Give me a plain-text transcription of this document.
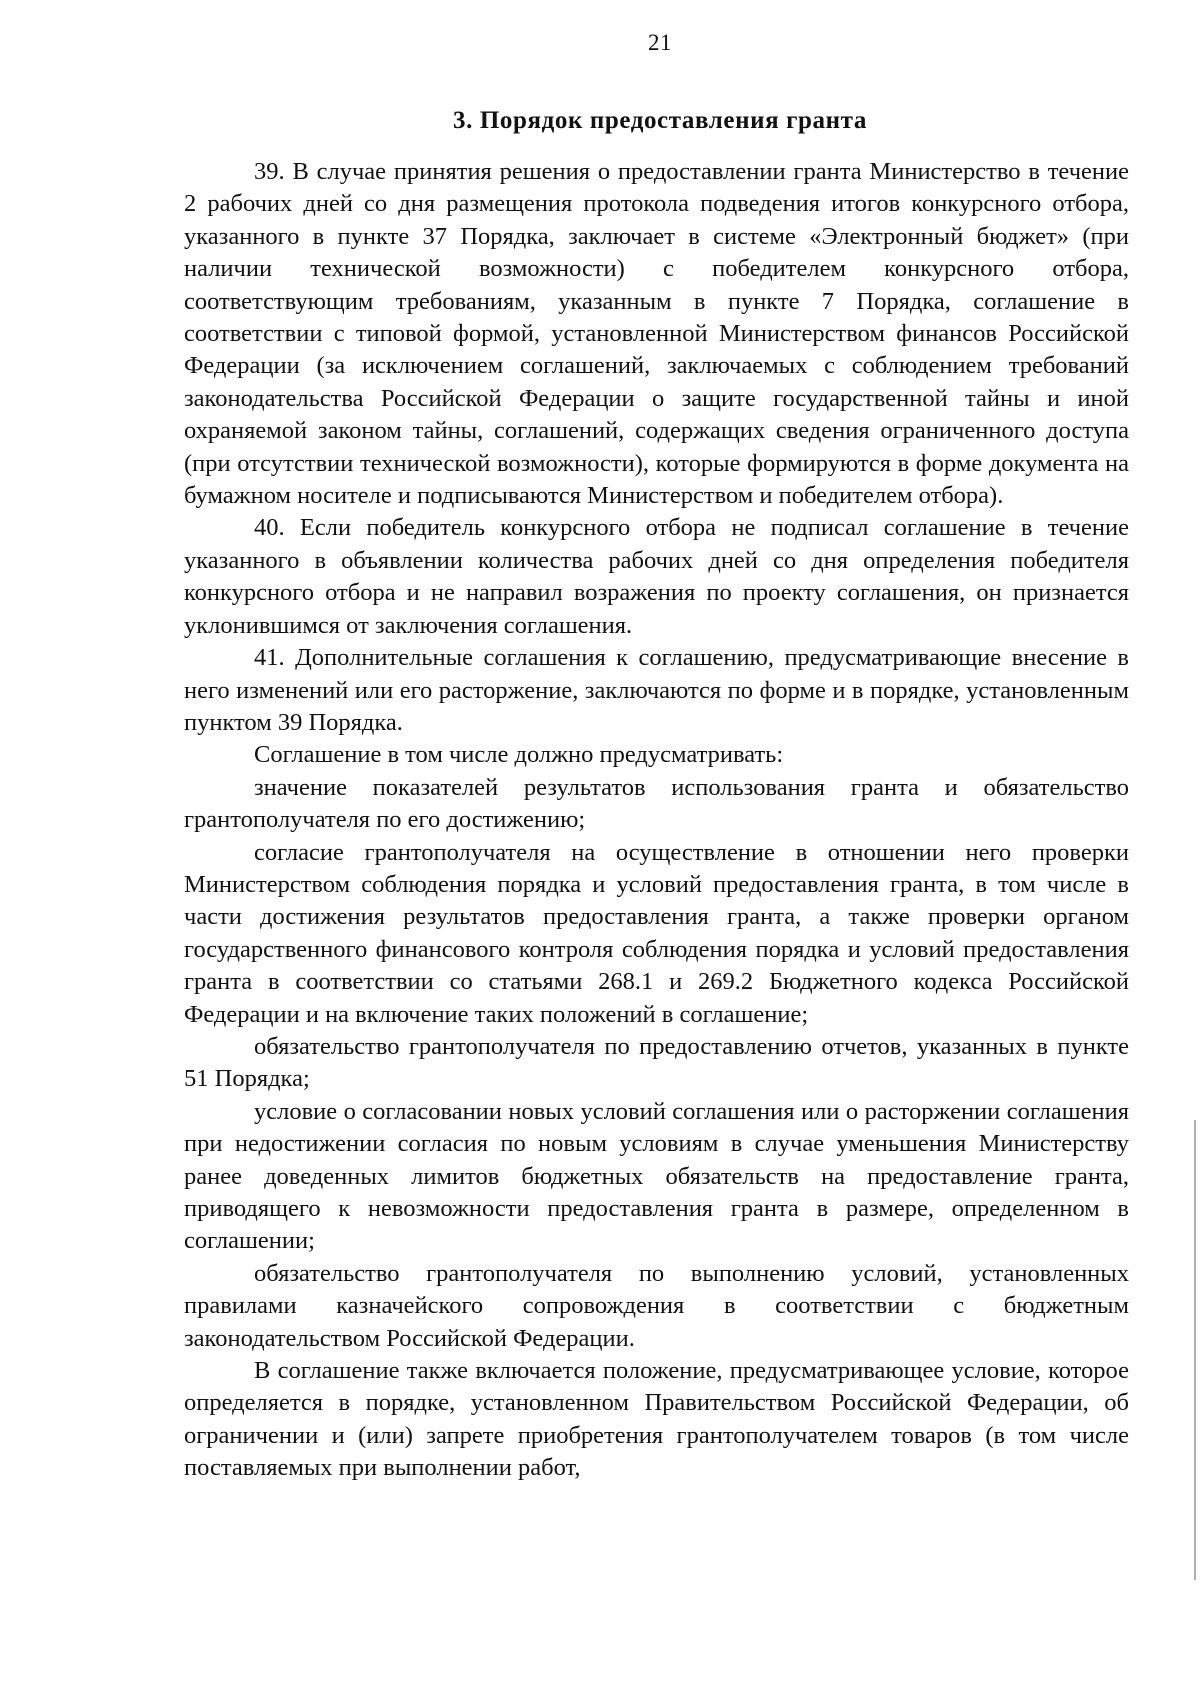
21
3. Порядок предоставления гранта

39. В случае принятия решения о предоставлении гранта Министерство в течение 2 рабочих дней со дня размещения протокола подведения итогов конкурсного отбора, указанного в пункте 37 Порядка, заключает в системе «Электронный бюджет» (при наличии технической возможности) с победителем конкурсного отбора, соответствующим требованиям, указанным в пункте 7 Порядка, соглашение в соответствии с типовой формой, установленной Министерством финансов Российской Федерации (за исключением соглашений, заключаемых с соблюдением требований законодательства Российской Федерации о защите государственной тайны и иной охраняемой законом тайны, соглашений, содержащих сведения ограниченного доступа (при отсутствии технической возможности), которые формируются в форме документа на бумажном носителе и подписываются Министерством и победителем отбора).

40. Если победитель конкурсного отбора не подписал соглашение в течение указанного в объявлении количества рабочих дней со дня определения победителя конкурсного отбора и не направил возражения по проекту соглашения, он признается уклонившимся от заключения соглашения.

41. Дополнительные соглашения к соглашению, предусматривающие внесение в него изменений или его расторжение, заключаются по форме и в порядке, установленным пунктом 39 Порядка.

Соглашение в том числе должно предусматривать:

значение показателей результатов использования гранта и обязательство грантополучателя по его достижению;

согласие грантополучателя на осуществление в отношении него проверки Министерством соблюдения порядка и условий предоставления гранта, в том числе в части достижения результатов предоставления гранта, а также проверки органом государственного финансового контроля соблюдения порядка и условий предоставления гранта в соответствии со статьями 268.1 и 269.2 Бюджетного кодекса Российской Федерации и на включение таких положений в соглашение;

обязательство грантополучателя по предоставлению отчетов, указанных в пункте 51 Порядка;

условие о согласовании новых условий соглашения или о расторжении соглашения при недостижении согласия по новым условиям в случае уменьшения Министерству ранее доведенных лимитов бюджетных обязательств на предоставление гранта, приводящего к невозможности предоставления гранта в размере, определенном в соглашении;

обязательство грантополучателя по выполнению условий, установленных правилами казначейского сопровождения в соответствии с бюджетным законодательством Российской Федерации.

В соглашение также включается положение, предусматривающее условие, которое определяется в порядке, установленном Правительством Российской Федерации, об ограничении и (или) запрете приобретения грантополучателем товаров (в том числе поставляемых при выполнении работ,
